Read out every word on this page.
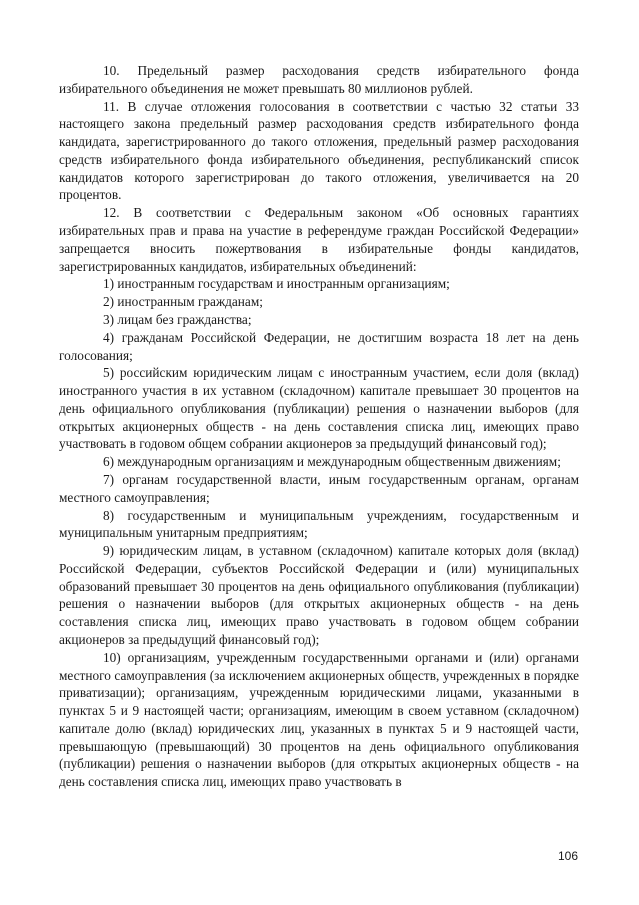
10. Предельный размер расходования средств избирательного фонда избирательного объединения не может превышать 80 миллионов рублей.

11. В случае отложения голосования в соответствии с частью 32 статьи 33 настоящего закона предельный размер расходования средств избирательного фонда кандидата, зарегистрированного до такого отложения, предельный размер расходования средств избирательного фонда избирательного объединения, республиканский список кандидатов которого зарегистрирован до такого отложения, увеличивается на 20 процентов.

12. В соответствии с Федеральным законом «Об основных гарантиях избирательных прав и права на участие в референдуме граждан Российской Федерации» запрещается вносить пожертвования в избирательные фонды кандидатов, зарегистрированных кандидатов, избирательных объединений:

1) иностранным государствам и иностранным организациям;

2) иностранным гражданам;

3) лицам без гражданства;

4) гражданам Российской Федерации, не достигшим возраста 18 лет на день голосования;

5) российским юридическим лицам с иностранным участием, если доля (вклад) иностранного участия в их уставном (складочном) капитале превышает 30 процентов на день официального опубликования (публикации) решения о назначении выборов (для открытых акционерных обществ - на день составления списка лиц, имеющих право участвовать в годовом общем собрании акционеров за предыдущий финансовый год);

6) международным организациям и международным общественным движениям;

7) органам государственной власти, иным государственным органам, органам местного самоуправления;

8) государственным и муниципальным учреждениям, государственным и муниципальным унитарным предприятиям;

9) юридическим лицам, в уставном (складочном) капитале которых доля (вклад) Российской Федерации, субъектов Российской Федерации и (или) муниципальных образований превышает 30 процентов на день официального опубликования (публикации) решения о назначении выборов (для открытых акционерных обществ - на день составления списка лиц, имеющих право участвовать в годовом общем собрании акционеров за предыдущий финансовый год);

10) организациям, учрежденным государственными органами и (или) органами местного самоуправления (за исключением акционерных обществ, учрежденных в порядке приватизации); организациям, учрежденным юридическими лицами, указанными в пунктах 5 и 9 настоящей части; организациям, имеющим в своем уставном (складочном) капитале долю (вклад) юридических лиц, указанных в пунктах 5 и 9 настоящей части, превышающую (превышающий) 30 процентов на день официального опубликования (публикации) решения о назначении выборов (для открытых акционерных обществ - на день составления списка лиц, имеющих право участвовать в

106
